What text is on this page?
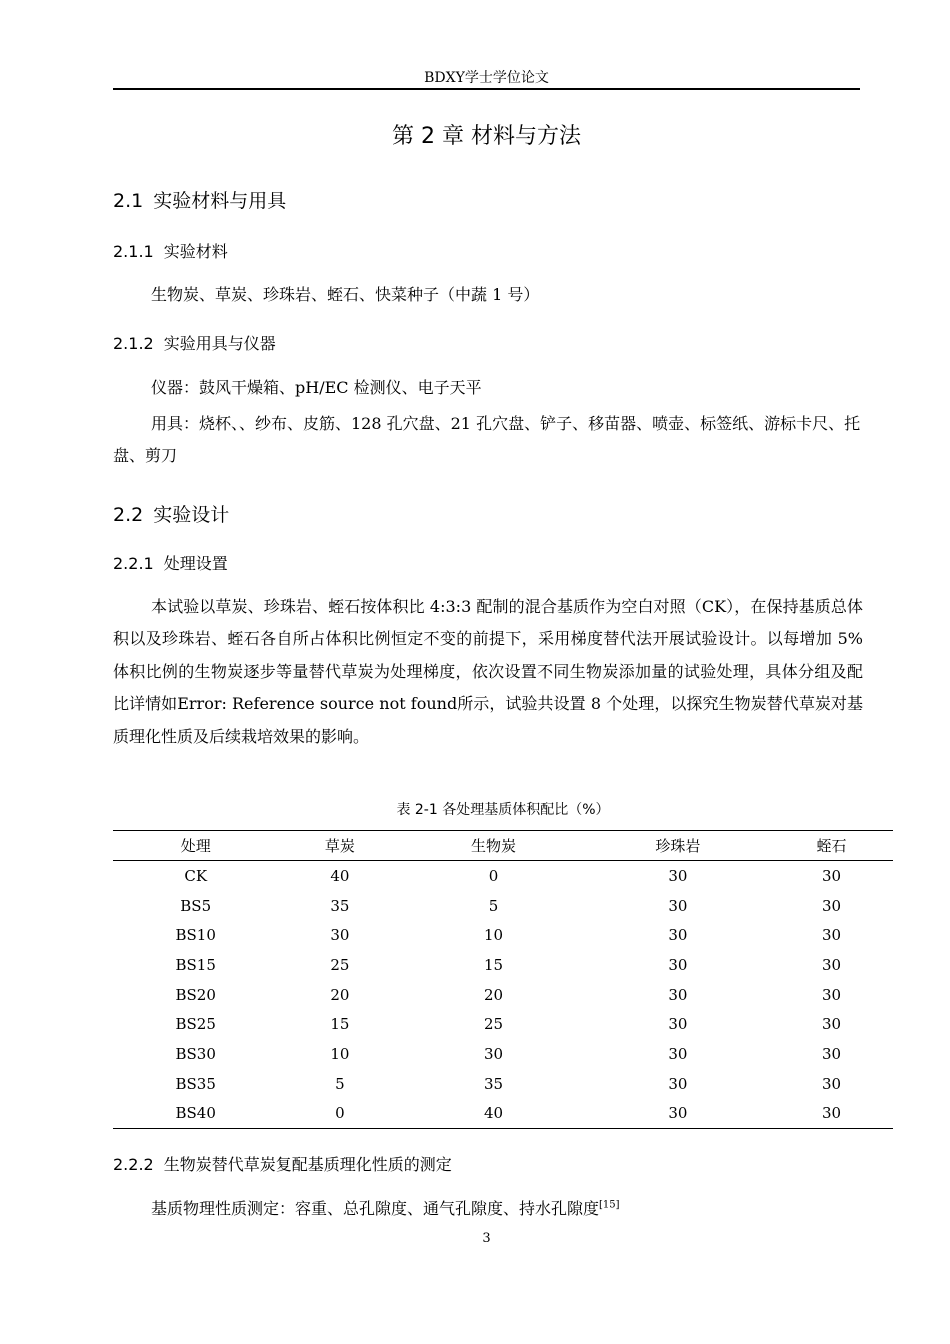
BDXY学士学位论文
第 2 章 材料与方法
2.1 实验材料与用具
2.1.1 实验材料
生物炭、草炭、珍珠岩、蛭石、快菜种子（中蔬 1 号）
2.1.2 实验用具与仪器
仪器：鼓风干燥箱、pH/EC 检测仪、电子天平
用具：烧杯、、纱布、皮筋、128 孔穴盘、21 孔穴盘、铲子、移苗器、喷壶、标签纸、游标卡尺、托盘、剪刀
2.2 实验设计
2.2.1 处理设置
本试验以草炭、珍珠岩、蛭石按体积比 4:3:3 配制的混合基质作为空白对照（CK），在保持基质总体积以及珍珠岩、蛭石各自所占体积比例恒定不变的前提下，采用梯度替代法开展试验设计。以每增加 5%体积比例的生物炭逐步等量替代草炭为处理梯度，依次设置不同生物炭添加量的试验处理，具体分组及配比详情如Error: Reference source not found所示，试验共设置 8 个处理，以探究生物炭替代草炭对基质理化性质及后续栽培效果的影响。
表 2-1 各处理基质体积配比（%）
处理	草炭	生物炭	珍珠岩	蛭石
CK	40	0	30	30
BS5	35	5	30	30
BS10	30	10	30	30
BS15	25	15	30	30
BS20	20	20	30	30
BS25	15	25	30	30
BS30	10	30	30	30
BS35	5	35	30	30
BS40	0	40	30	30
2.2.2 生物炭替代草炭复配基质理化性质的测定
基质物理性质测定：容重、总孔隙度、通气孔隙度、持水孔隙度[15]
3
